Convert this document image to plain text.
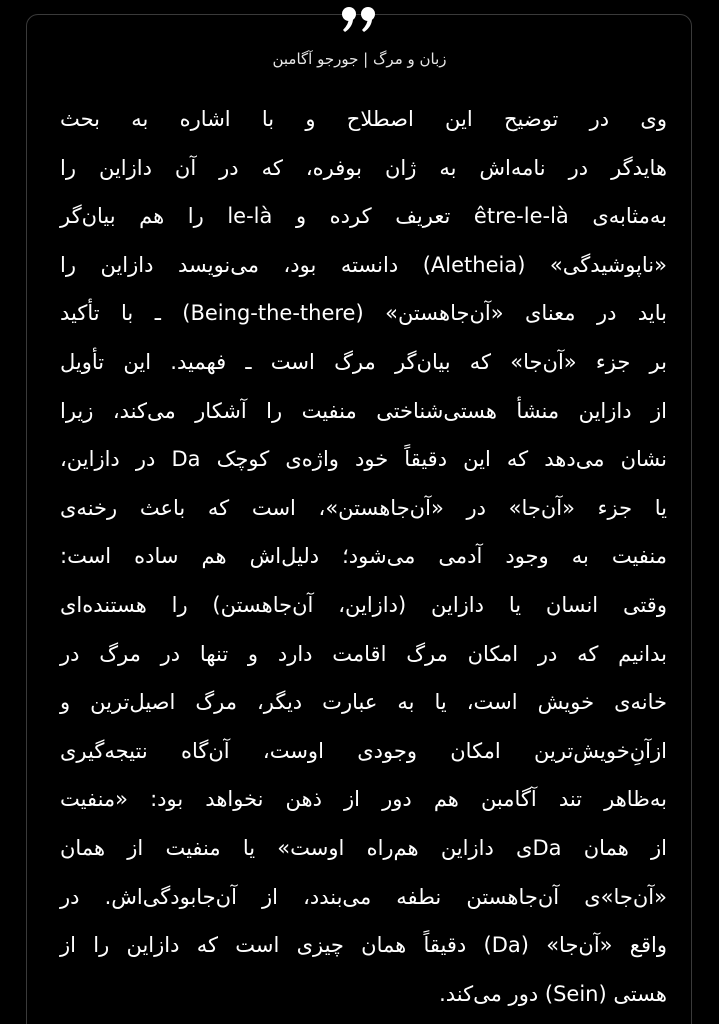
زبان و مرگ | جورجو آگامبن
وی در توضیح این اصطلاح و با اشاره به بحث
هایدگر در نامه‌اش به ژان بوفره، که در آن دازاین را
به‌مثابه‌ی être-le-là تعریف کرده و le-là را هم بیان‌گر
«ناپوشیدگی» (Aletheia) دانسته بود، می‌نویسد دازاین را
باید در معنای «آن‌جاهستن» (Being-the-there) ـ با تأکید
بر جزء «آن‌جا» که بیان‌گر مرگ است ـ فهمید. این تأویل
از دازاین منشأ هستی‌شناختی منفیت را آشکار می‌کند، زیرا
نشان می‌دهد که این دقیقاً خود واژه‌ی کوچک Da در دازاین،
یا جزء «آن‌جا» در «آن‌جاهستن»، است که باعث رخنه‌ی
منفیت به وجود آدمی می‌شود؛ دلیل‌اش هم ساده است:
وقتی انسان یا دازاین (دازاین، آن‌جاهستن) را هستنده‌ای
بدانیم که در امکان مرگ اقامت دارد و تنها در مرگ در
خانه‌ی خویش است، یا به عبارت دیگر، مرگ اصیل‌ترین و
ازآنِ‌خویش‌ترین امکان وجودی اوست، آن‌گاه نتیجه‌گیری
به‌ظاهر تند آگامبن هم دور از ذهن نخواهد بود: «منفیت
از همان Daی دازاین هم‌راه اوست» یا منفیت از همان
«آن‌جا»ی آن‌جاهستن نطفه می‌بندد، از آن‌جابودگی‌اش. در
واقع «آن‌جا» (Da) دقیقاً همان چیزی است که دازاین را از
هستی (Sein) دور می‌کند.
